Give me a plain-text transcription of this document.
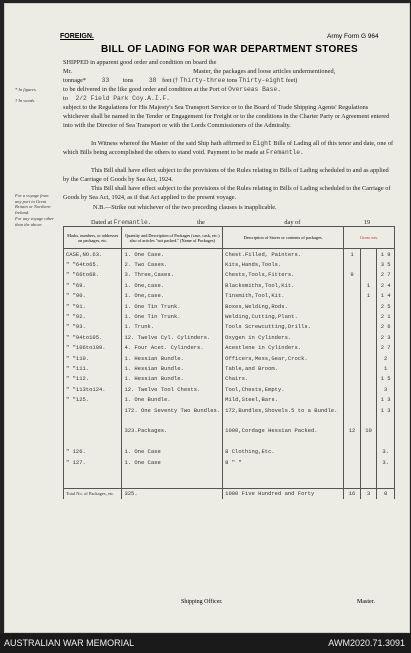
FOREIGN.	Army Form G 964
BILL OF LADING FOR WAR DEPARTMENT STORES
* In figures.
† In words.
For a voyage from any port in Great Britain or Northern Ireland.
For any voyage other than the above.
SHIPPED in apparent good order and condition on board the
Mr.	Master, the packages and loose articles undermentioned,
tonnage* 33 tons 38 feet († Thirty-three tons Thirty-eight feet)
to be delivered in the like good order and condition at the Port of Overseas Base.
to 2/2 Field Park Coy.A.I.F.
subject to the Regulations for His Majesty's Sea Transport Service or to the Board of Trade Shipping Agents' Regulations whichever shall be named in the Tender or Engagement for Freight or to the conditions in the Charter Party or Agreement entered into with the Director of Sea Transport or with the Lords Commissioners of the Admiralty.
In Witness whereof the Master of the said Ship hath affirmed to Eight Bills of Lading all of this tenor and date, one of which Bills being accomplished the others to stand void. Payment to be made at Fremantle.
This Bill shall have effect subject to the provisions of the Rules relating to Bills of Lading scheduled to and as applied by the Carriage of Goods by Sea Act, 1924.
This Bill shall have effect subject to the provisions of the Rules relating to Bills of Lading scheduled to the Carriage of Goods by Sea Act, 1924, as if that Act applied to the present voyage.
N.B.—Strike out whichever of the two preceding clauses is inapplicable.
Dated at Fremantle.	the	day of	19
Marks, numbers, or addresses on packages, etc.	Quantity and Description of Packages (case, cask, etc.) also of articles "not packed." (Name of Packages)	Description of Stores or contents of packages.	Gross wts.		
CASE,NO.63.	1. One Case.	Chest.Filled, Painters.	1		1 9
" "64to65.	2. Two Cases.	Kits,Hands,Tools.			3 5
" "66to68.	3. Three,Cases.	Chests,Tools,Fitters.	9		2 7
" "69.	1. One,case.	Blacksmiths,Tool,Kit.		1	2 4
" "90.	1. One,case.	Tinsmith,Tool,Kit.		1	1 4
" "91.	1. One Tin Trunk.	Boxes,Welding,Rods.			2 5
" "92.	1. One Tin Trunk.	Welding,Cutting,Plant.			2 1
" "93.	1. Trunk.	Tools Screwcutting,Drills.			2 6
" "94to105.	12. Twelve Cyl. Cylinders.	Oxygen in Cylinders.			2 3
" "106to109.	4. Four Acet. Cylinders.	Acestlene in Cylinders.			2 7
" "110.	1. Hessian Bundle.	Officers,Mess,Gear,Crock.			2
" "111.	1. Hessian Bundle.	Table,and Broom.			1
" "112.	1. Hessian Bundle.	Chairs.			1 5
" "113to124.	12. Twelve Tool Chests.	Tool,Chests,Empty.			3
" "125.	1. One Bundle.	Mild,Steel,Bars.			1 3
	172. One Seventy Two Bundles.	172,Bundles,Shovels.5 to a Bundle.			1 3

	323.Packages.	1000,Cordage Hessian Packed.	12	10	

" 126.	1. One Case	8 Clothing,Etc.			3.
" 127.	1. One Case	8 " "			3.

Total No. of Packages, etc.	325.	1000 Five Hundred and Forty	16	3	0
Shipping Officer.	Master.
AUSTRALIAN WAR MEMORIAL	AWM2020.71.3091
